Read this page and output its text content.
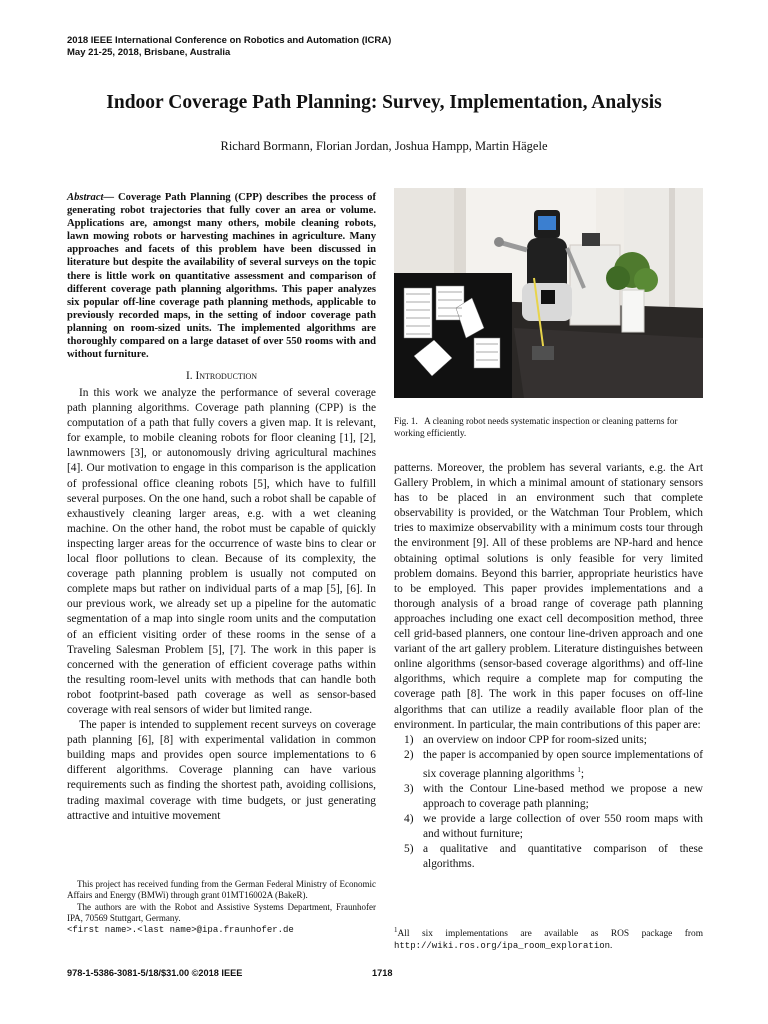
2018 IEEE International Conference on Robotics and Automation (ICRA)
May 21-25, 2018, Brisbane, Australia
Indoor Coverage Path Planning: Survey, Implementation, Analysis
Richard Bormann, Florian Jordan, Joshua Hampp, Martin Hägele
Abstract— Coverage Path Planning (CPP) describes the process of generating robot trajectories that fully cover an area or volume. Applications are, amongst many others, mobile cleaning robots, lawn mowing robots or harvesting machines in agriculture. Many approaches and facets of this problem have been discussed in literature but despite the availability of several surveys on the topic there is little work on quantitative assessment and comparison of different coverage path planning algorithms. This paper analyzes six popular off-line coverage path planning methods, applicable to previously recorded maps, in the setting of indoor coverage path planning on room-sized units. The implemented algorithms are thoroughly compared on a large dataset of over 550 rooms with and without furniture.
I. Introduction

In this work we analyze the performance of several coverage path planning algorithms. Coverage path planning (CPP) is the computation of a path that fully covers a given map. It is relevant, for example, to mobile cleaning robots for floor cleaning [1], [2], lawnmowers [3], or autonomously driving agricultural machines [4]. Our motivation to engage in this comparison is the application of professional office cleaning robots [5], which have to fulfill several purposes. On the one hand, such a robot shall be capable of exhaustively cleaning larger areas, e.g. with a wet cleaning machine. On the other hand, the robot must be capable of quickly inspecting larger areas for the occurrence of waste bins to clear or local floor pollutions to clean. Because of its complexity, the coverage path planning problem is usually not computed on complete maps but rather on individual parts of a map [5], [6]. In our previous work, we already set up a pipeline for the automatic segmentation of a map into single room units and the computation of an efficient visiting order of these rooms in the sense of a Traveling Salesman Problem [5], [7]. The work in this paper is concerned with the generation of efficient coverage paths within the resulting room-level units with methods that can handle both robot footprint-based path coverage as well as sensor-based coverage with real sensors of wider but limited range.

The paper is intended to supplement recent surveys on coverage path planning [6], [8] with experimental validation in common building maps and provides open source implementations to 6 different algorithms. Coverage planning can have various requirements such as finding the shortest path, avoiding collisions, trading maximal coverage with time budgets, or just generating attractive and intuitive movement

This project has received funding from the German Federal Ministry of Economic Affairs and Energy (BMWi) through grant 01MT16002A (BakeR).

The authors are with the Robot and Assistive Systems Department, Fraunhofer IPA, 70569 Stuttgart, Germany.

<first name>.<last name>@ipa.fraunhofer.de
Fig. 1. A cleaning robot needs systematic inspection or cleaning patterns for working efficiently.

patterns. Moreover, the problem has several variants, e.g. the Art Gallery Problem, in which a minimal amount of stationary sensors has to be placed in an environment such that complete observability is provided, or the Watchman Tour Problem, which tries to maximize observability with a minimum costs tour through the environment [9]. All of these problems are NP-hard and hence obtaining optimal solutions is only feasible for very limited problem domains. Beyond this barrier, appropriate heuristics have to be employed. This paper provides implementations and a thorough analysis of a broad range of coverage path planning approaches including one exact cell decomposition method, three cell grid-based planners, one contour line-driven approach and one variant of the art gallery problem. Literature distinguishes between online algorithms (sensor-based coverage algorithms) and off-line algorithms, which require a complete map for computing the coverage path [8]. The work in this paper focuses on off-line algorithms that can utilize a readily available floor plan of the environment. In particular, the main contributions of this paper are:

1) an overview on indoor CPP for room-sized units;
2) the paper is accompanied by open source implementations of six coverage planning algorithms $^1$;
3) with the Contour Line-based method we propose a new approach to coverage path planning;
4) we provide a large collection of over 550 room maps with and without furniture;
5) a qualitative and quantitative comparison of these algorithms.
$^1$All six implementations are available as ROS package from http://wiki.ros.org/ipa_room_exploration.
978-1-5386-3081-5/18/$31.00 ©2018 IEEE	1718
